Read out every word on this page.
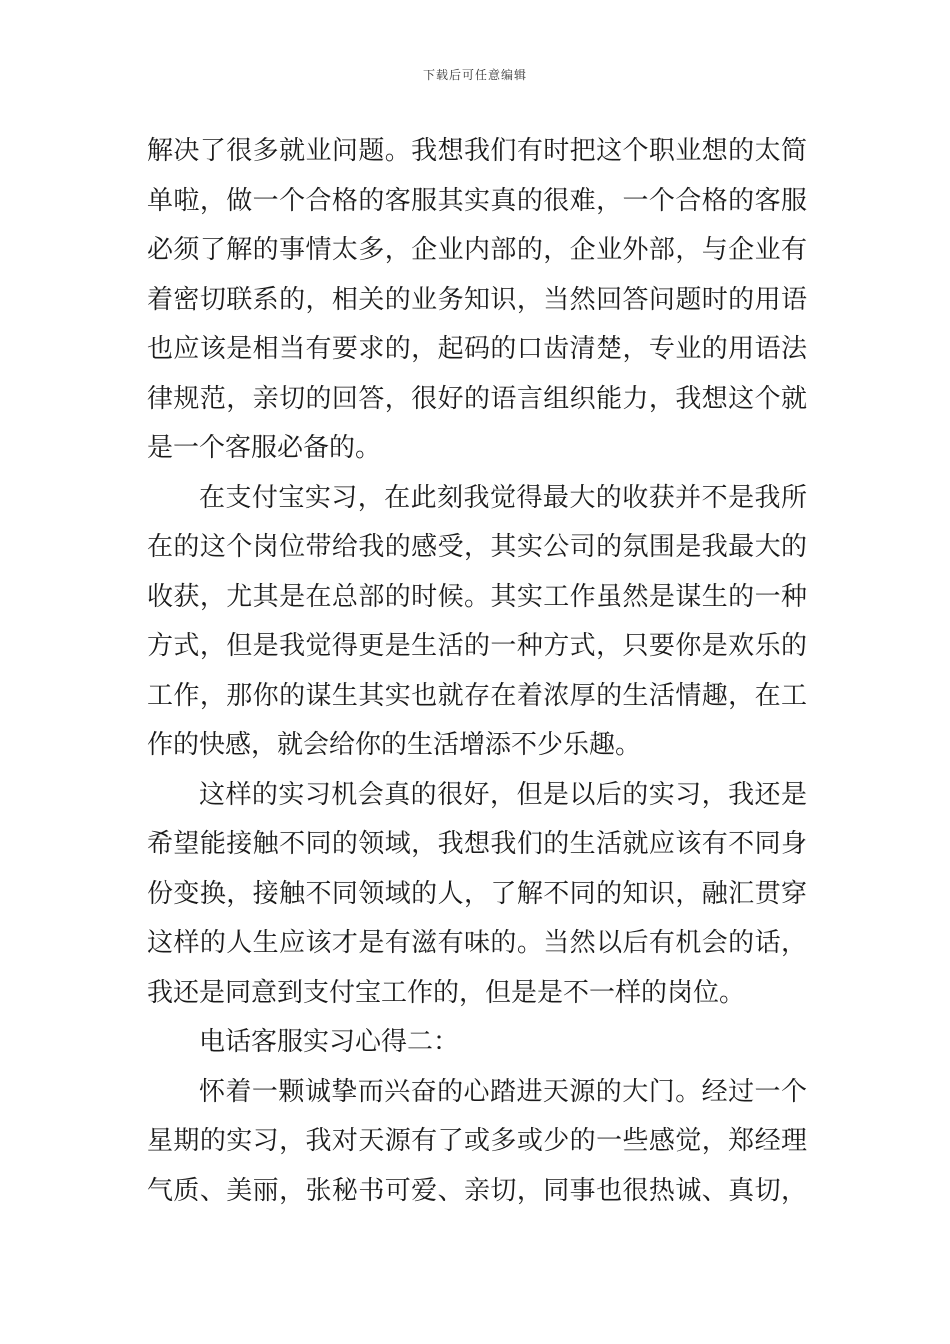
下载后可任意编辑
解决了很多就业问题。我想我们有时把这个职业想的太简
单啦，做一个合格的客服其实真的很难，一个合格的客服
必须了解的事情太多，企业内部的，企业外部，与企业有
着密切联系的，相关的业务知识，当然回答问题时的用语
也应该是相当有要求的，起码的口齿清楚，专业的用语法
律规范，亲切的回答，很好的语言组织能力，我想这个就
是一个客服必备的。
在支付宝实习，在此刻我觉得最大的收获并不是我所
在的这个岗位带给我的感受，其实公司的氛围是我最大的
收获，尤其是在总部的时候。其实工作虽然是谋生的一种
方式，但是我觉得更是生活的一种方式，只要你是欢乐的
工作，那你的谋生其实也就存在着浓厚的生活情趣，在工
作的快感，就会给你的生活增添不少乐趣。
这样的实习机会真的很好，但是以后的实习，我还是
希望能接触不同的领域，我想我们的生活就应该有不同身
份变换，接触不同领域的人，了解不同的知识，融汇贯穿
这样的人生应该才是有滋有味的。当然以后有机会的话，
我还是同意到支付宝工作的，但是是不一样的岗位。
电话客服实习心得二：
怀着一颗诚挚而兴奋的心踏进天源的大门。经过一个
星期的实习，我对天源有了或多或少的一些感觉，郑经理
气质、美丽，张秘书可爱、亲切，同事也很热诚、真切，
